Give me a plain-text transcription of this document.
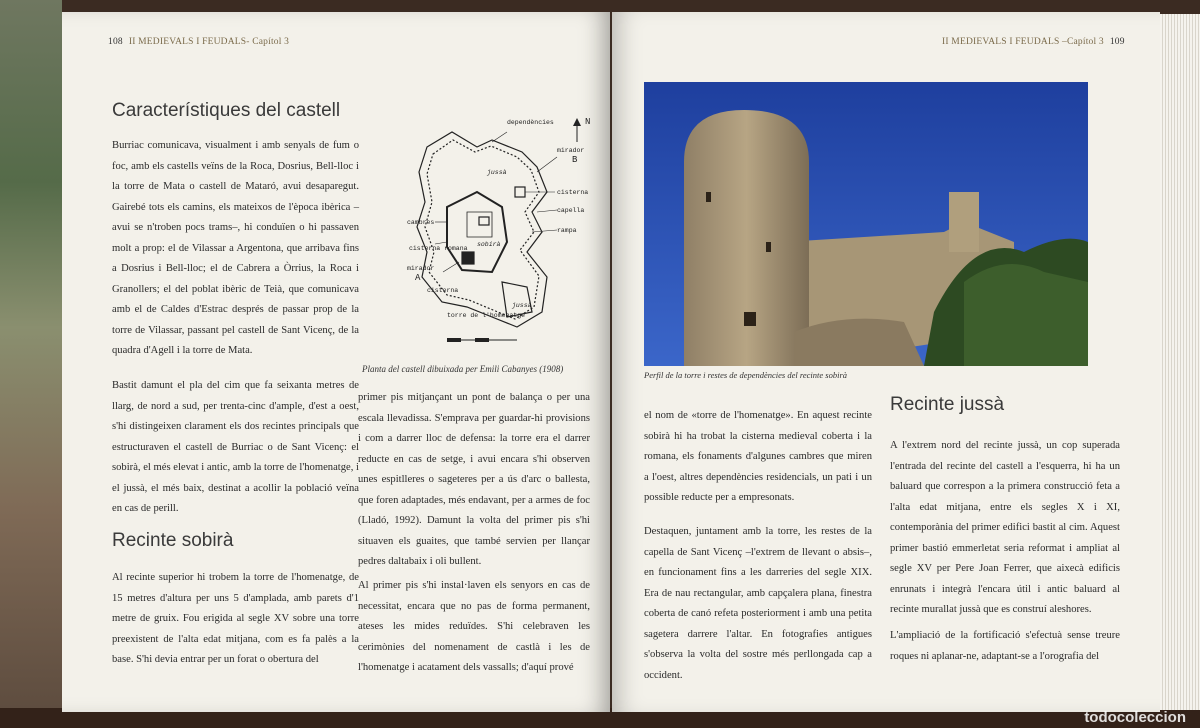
108 II MEDIEVALS I FEUDALS- Capítol 3
Característiques del castell

Burriac comunicava, visualment i amb senyals de fum o foc, amb els castells veïns de la Roca, Dosrius, Bell-lloc i la torre de Mata o castell de Mataró, avui desaparegut. Gairebé tots els camins, els mateixos de l'època ibèrica –avui se n'troben pocs trams–, hi conduïen o hi passaven molt a prop: el de Vilassar a Argentona, que arribava fins a Dosrius i Bell-lloc; el de Cabrera a Òrrius, la Roca i Granollers; el del poblat ibèric de Teià, que comunicava amb el de Caldes d'Estrac després de passar prop de la torre de Vilassar, passant pel castell de Sant Vicenç, de la quadra d'Agell i la torre de Mata.

Bastit damunt el pla del cim que fa seixanta metres de llarg, de nord a sud, per trenta-cinc d'ample, d'est a oest, s'hi distingeixen clarament els dos recintes principals que estructuraven el castell de Burriac o de Sant Vicenç: el sobirà, el més elevat i antic, amb la torre de l'homenatge, i el jussà, el més baix, destinat a acollir la població veïna en cas de perill.

Recinte sobirà

Al recinte superior hi trobem la torre de l'homenatge, de 15 metres d'altura per uns 5 d'amplada, amb parets d'1 metre de gruix. Fou erigida al segle XV sobre una torre preexistent de l'alta edat mitjana, com es fa palès a la base. S'hi devia entrar per un forat o obertura del

dependències	N
mirador
B
jussà
cisterna
capella
cambres
sobirà
rampa
cisterna romana
mirador
A
cisterna
torre de l'homenatge
jussà
Planta del castell dibuixada per Emili Cabanyes (1908)

primer pis mitjançant un pont de balança o per una escala llevadissa. S'emprava per guardar-hi provisions i com a darrer lloc de defensa: la torre era el darrer reducte en cas de setge, i avui encara s'hi observen unes espitlleres o sageteres per a ús d'arc o ballesta, que foren adaptades, més endavant, per a armes de foc (Lladó, 1992). Damunt la volta del primer pis s'hi situaven els guaites, que també servien per llançar pedres daltabaix i oli bullent.

Al primer pis s'hi instal·laven els senyors en cas de necessitat, encara que no pas de forma permanent, ateses les mides reduïdes. S'hi celebraven les cerimònies del nomenament de castlà i les de l'homenatge i acatament dels vassalls; d'aquí prové

II MEDIEVALS I FEUDALS –Capítol 3 109
Perfil de la torre i restes de dependències del recinte sobirà

el nom de «torre de l'homenatge». En aquest recinte sobirà hi ha trobat la cisterna medieval coberta i la romana, els fonaments d'algunes cambres que miren a l'oest, altres dependències residencials, un pati i un possible reducte per a empresonats.

Destaquen, juntament amb la torre, les restes de la capella de Sant Vicenç –l'extrem de llevant o absis–, en funcionament fins a les darreries del segle XIX. Era de nau rectangular, amb capçalera plana, finestra coberta de canó refeta posteriorment i amb una petita sagetera darrere l'altar. En fotografies antigues s'observa la volta del sostre més perllongada cap a occident.

Recinte jussà

A l'extrem nord del recinte jussà, un cop superada l'entrada del recinte del castell a l'esquerra, hi ha un baluard que correspon a la primera construcció feta a l'alta edat mitjana, entre els segles X i XI, contemporània del primer edifici bastit al cim. Aquest primer bastió emmerletat seria reformat i ampliat al segle XV per Pere Joan Ferrer, que aixecà edificis enrunats i integrà l'encara útil i antic baluard al recinte murallat jussà que es construí aleshores.

L'ampliació de la fortificació s'efectuà sense treure roques ni aplanar-ne, adaptant-se a l'orografia del

todocoleccion
